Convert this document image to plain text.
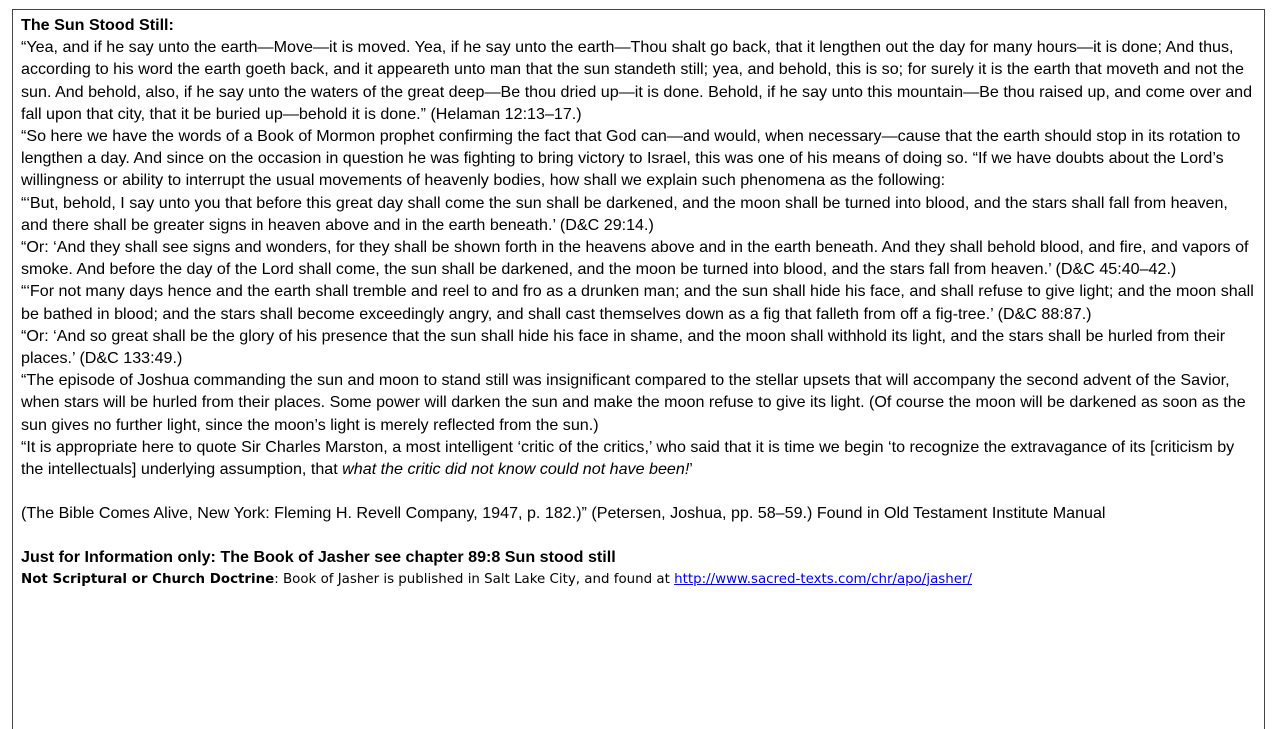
The Sun Stood Still:

“Yea, and if he say unto the earth—Move—it is moved. Yea, if he say unto the earth—Thou shalt go back, that it lengthen out the day for many hours—it is done; And thus, according to his word the earth goeth back, and it appeareth unto man that the sun standeth still; yea, and behold, this is so; for surely it is the earth that moveth and not the sun. And behold, also, if he say unto the waters of the great deep—Be thou dried up—it is done. Behold, if he say unto this mountain—Be thou raised up, and come over and fall upon that city, that it be buried up—behold it is done.” (Helaman 12:13–17.)

“So here we have the words of a Book of Mormon prophet confirming the fact that God can—and would, when necessary—cause that the earth should stop in its rotation to lengthen a day. And since on the occasion in question he was fighting to bring victory to Israel, this was one of his means of doing so. “If we have doubts about the Lord’s willingness or ability to interrupt the usual movements of heavenly bodies, how shall we explain such phenomena as the following:

“‘But, behold, I say unto you that before this great day shall come the sun shall be darkened, and the moon shall be turned into blood, and the stars shall fall from heaven, and there shall be greater signs in heaven above and in the earth beneath.’ (D&C 29:14.)

“Or: ‘And they shall see signs and wonders, for they shall be shown forth in the heavens above and in the earth beneath. And they shall behold blood, and fire, and vapors of smoke. And before the day of the Lord shall come, the sun shall be darkened, and the moon be turned into blood, and the stars fall from heaven.’ (D&C 45:40–42.)

“‘For not many days hence and the earth shall tremble and reel to and fro as a drunken man; and the sun shall hide his face, and shall refuse to give light; and the moon shall be bathed in blood; and the stars shall become exceedingly angry, and shall cast themselves down as a fig that falleth from off a fig-tree.’ (D&C 88:87.)

“Or: ‘And so great shall be the glory of his presence that the sun shall hide his face in shame, and the moon shall withhold its light, and the stars shall be hurled from their places.’ (D&C 133:49.)

“The episode of Joshua commanding the sun and moon to stand still was insignificant compared to the stellar upsets that will accompany the second advent of the Savior, when stars will be hurled from their places. Some power will darken the sun and make the moon refuse to give its light. (Of course the moon will be darkened as soon as the sun gives no further light, since the moon’s light is merely reflected from the sun.)

“It is appropriate here to quote Sir Charles Marston, a most intelligent ‘critic of the critics,’ who said that it is time we begin ‘to recognize the extravagance of its [criticism by the intellectuals] underlying assumption, that what the critic did not know could not have been!’

(The Bible Comes Alive, New York: Fleming H. Revell Company, 1947, p. 182.)” (Petersen, Joshua, pp. 58–59.) Found in Old Testament Institute Manual

Just for Information only: The Book of Jasher see chapter 89:8 Sun stood still

Not Scriptural or Church Doctrine: Book of Jasher is published in Salt Lake City, and found at http://www.sacred-texts.com/chr/apo/jasher/
